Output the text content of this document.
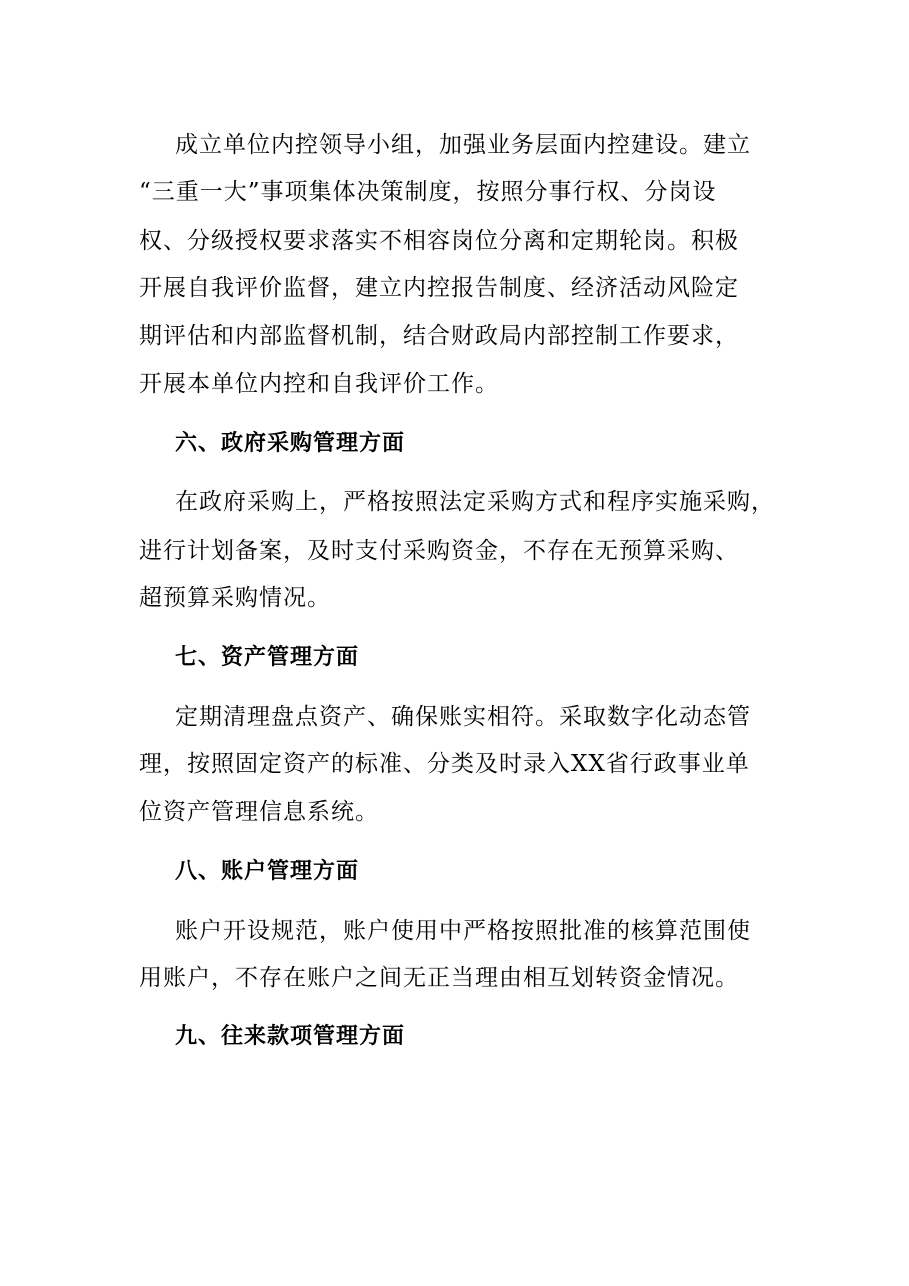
成立单位内控领导小组，加强业务层面内控建设。建立
“三重一大”事项集体决策制度，按照分事行权、分岗设
权、分级授权要求落实不相容岗位分离和定期轮岗。积极
开展自我评价监督，建立内控报告制度、经济活动风险定
期评估和内部监督机制，结合财政局内部控制工作要求，
开展本单位内控和自我评价工作。
六、政府采购管理方面
在政府采购上，严格按照法定采购方式和程序实施采购，
进行计划备案，及时支付采购资金，不存在无预算采购、
超预算采购情况。
七、资产管理方面
定期清理盘点资产、确保账实相符。采取数字化动态管
理，按照固定资产的标准、分类及时录入XX省行政事业单
位资产管理信息系统。
八、账户管理方面
账户开设规范，账户使用中严格按照批准的核算范围使
用账户，不存在账户之间无正当理由相互划转资金情况。
九、往来款项管理方面
